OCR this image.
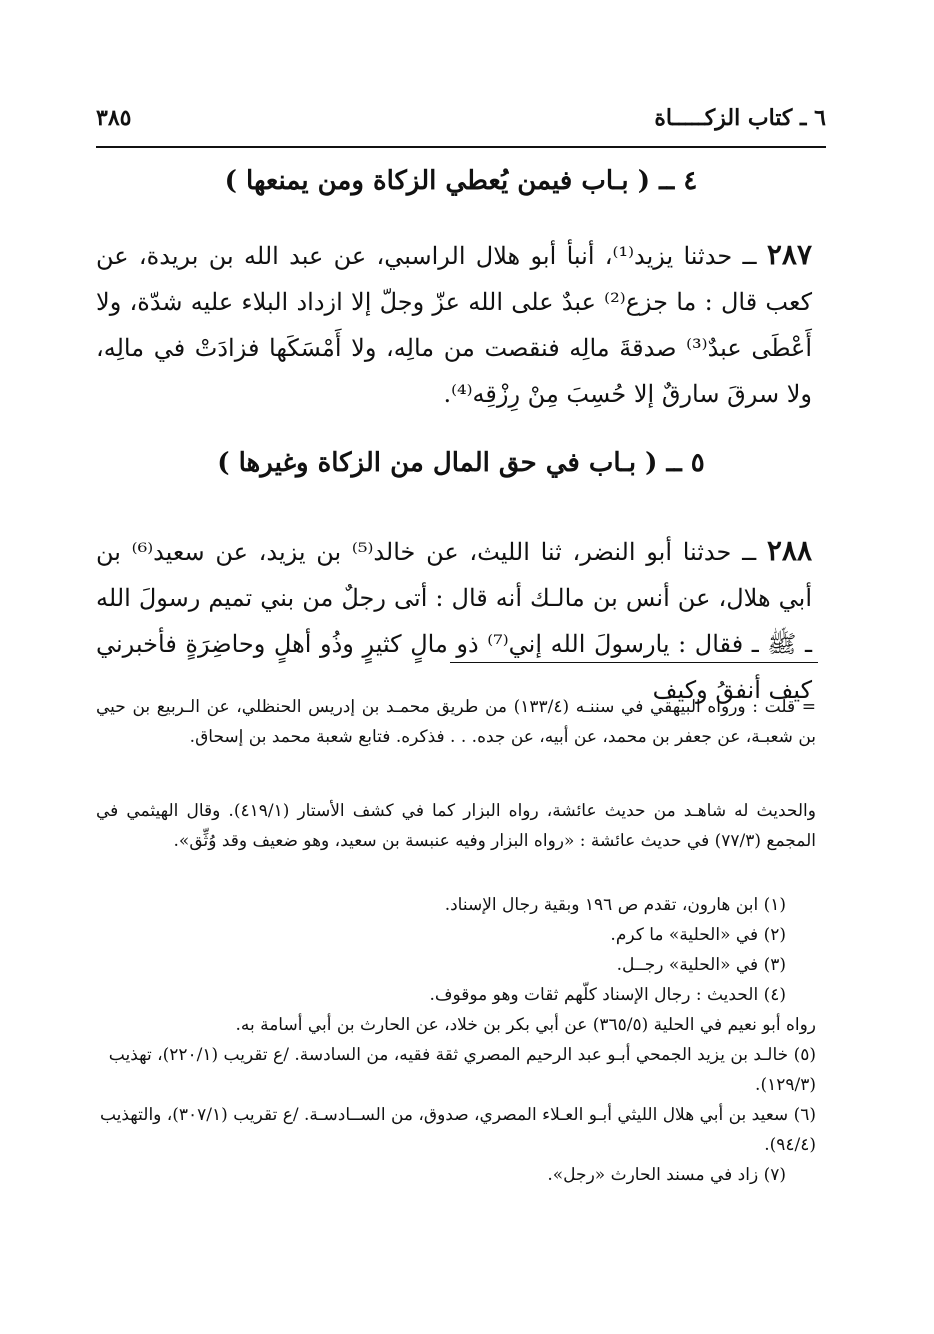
٣٨٥	٦ ـ كتاب الزكـــــاة
٤ ــ ( بـاب فيمن يُعطي الزكاة ومن يمنعها )
٢٨٧ ــ حدثنا يزيد⁽¹⁾، أنبأ أبو هلال الراسبي، عن عبد الله بن بريدة، عن كعب قال : ما جزع⁽²⁾ عبدٌ على الله عزّ وجلّ إلا ازداد البلاء عليه شدّة، ولا أَعْطَى عبدٌ⁽³⁾ صدقةَ مالِه فنقصت من مالِه، ولا أَمْسَكَها فزادَتْ في مالِه، ولا سرقَ سارقٌ إلا حُسِبَ مِنْ رِزْقِه⁽⁴⁾.
٥ ــ ( بـاب في حق المال من الزكاة وغيرها )
٢٨٨ ــ حدثنا أبو النضر، ثنا الليث، عن خالد⁽⁵⁾ بن يزيد، عن سعيد⁽⁶⁾ بن أبي هلال، عن أنس بن مالـك أنه قال : أتى رجلٌ من بني تميم رسولَ الله ـ ﷺ ـ فقال : يارسولَ الله إني⁽⁷⁾ ذو مالٍ كثيرٍ وذُو أهلٍ وحاضِرَةٍ فأخبرني كيف أنفقُ وكيف
= قلت : ورواه البيهقي في سننـه (١٣٣/٤) من طريق محمـد بن إدريس الحنظلي، عن الـربيع بن حيي بن شعبـة، عن جعفر بن محمد، عن أبيه، عن جده. . . فذكره. فتابع شعبة محمد بن إسحاق.
والحديث له شاهـد من حديث عائشة، رواه البزار كما في كشف الأستار (٤١٩/١). وقال الهيثمي في المجمع (٧٧/٣) في حديث عائشة : «رواه البزار وفيه عنبسة بن سعيد، وهو ضعيف وقد وُثِّق».

(١) ابن هارون، تقدم ص ١٩٦ وبقية رجال الإسناد.

(٢) في «الحلية» ما كرم.

(٣) في «الحلية» رجــل.

(٤) الحديث : رجال الإسناد كلّهم ثقات وهو موقوف.

رواه أبو نعيم في الحلية (٣٦٥/٥) عن أبي بكر بن خلاد، عن الحارث بن أبي أسامة به.

(٥) خالـد بن يزيد الجمحي أبـو عبد الرحيم المصري ثقة فقيه، من السادسة. /ع تقريب (٢٢٠/١)، تهذيب (١٢٩/٣).

(٦) سعيد بن أبي هلال الليثي أبـو العـلاء المصري، صدوق، من الســادسـة. /ع تقريب (٣٠٧/١)، والتهذيب (٩٤/٤).

(٧) زاد في مسند الحارث «رجل».
